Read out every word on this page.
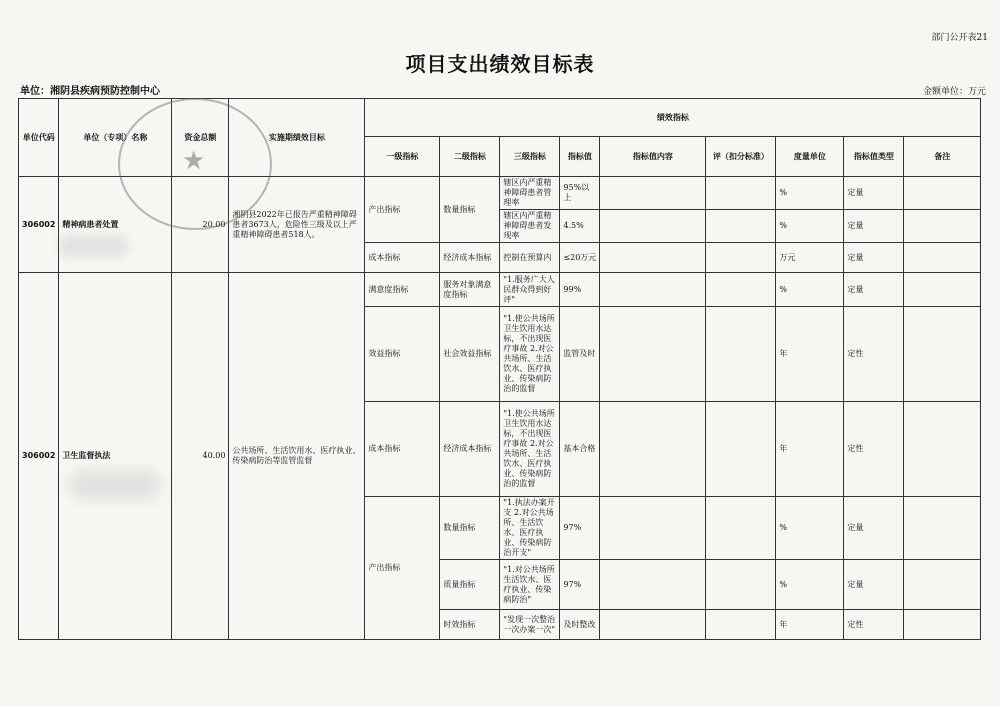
部门公开表21
项目支出绩效目标表
单位：湘阴县疾病预防控制中心	金额单位：万元
单位代码	单位（专项）名称	资金总额	实施期绩效目标	绩效指标								
				一级指标	二级指标	三级指标	指标值	指标值内容	评（扣分标准）	度量单位	指标值类型	备注
306002	精神病患者处置	20.00	湘阴县2022年已报告严重精神障碍患者3673人，危险性三级及以上严重精神障碍患者518人。	产出指标	数量指标	辖区内严重精神障碍患者管理率	95%以上			%	定量	

						辖区内严重精神障碍患者发现率	4.5%			%	定量	
				成本指标	经济成本指标	控制在预算内	≤20万元			万元	定量	
306002	卫生监督执法	40.00	公共场所、生活饮用水、医疗执业、传染病防治等监管监督	满意度指标	服务对象满意度指标	"1.服务广大人民群众得到好评"	99%			%	定量	
				效益指标	社会效益指标	"1.使公共场所卫生饮用水达标，不出现医疗事故 2.对公共场所、生活饮水、医疗执业、传染病防治的监督	监管及时			年	定性	
				成本指标	经济成本指标	"1.使公共场所卫生饮用水达标，不出现医疗事故 2.对公共场所、生活饮水、医疗执业、传染病防治的监督	基本合格			年	定性	
				产出指标	数量指标	"1.执法办案开支 2.对公共场所、生活饮水、医疗执业、传染病防治开支"	97%			%	定量	
					质量指标	"1.对公共场所生活饮水、医疗执业、传染病防治"	97%			%	定量	
					时效指标	"发现一次整治一次办案一次"	及时整改			年	定性	
★
